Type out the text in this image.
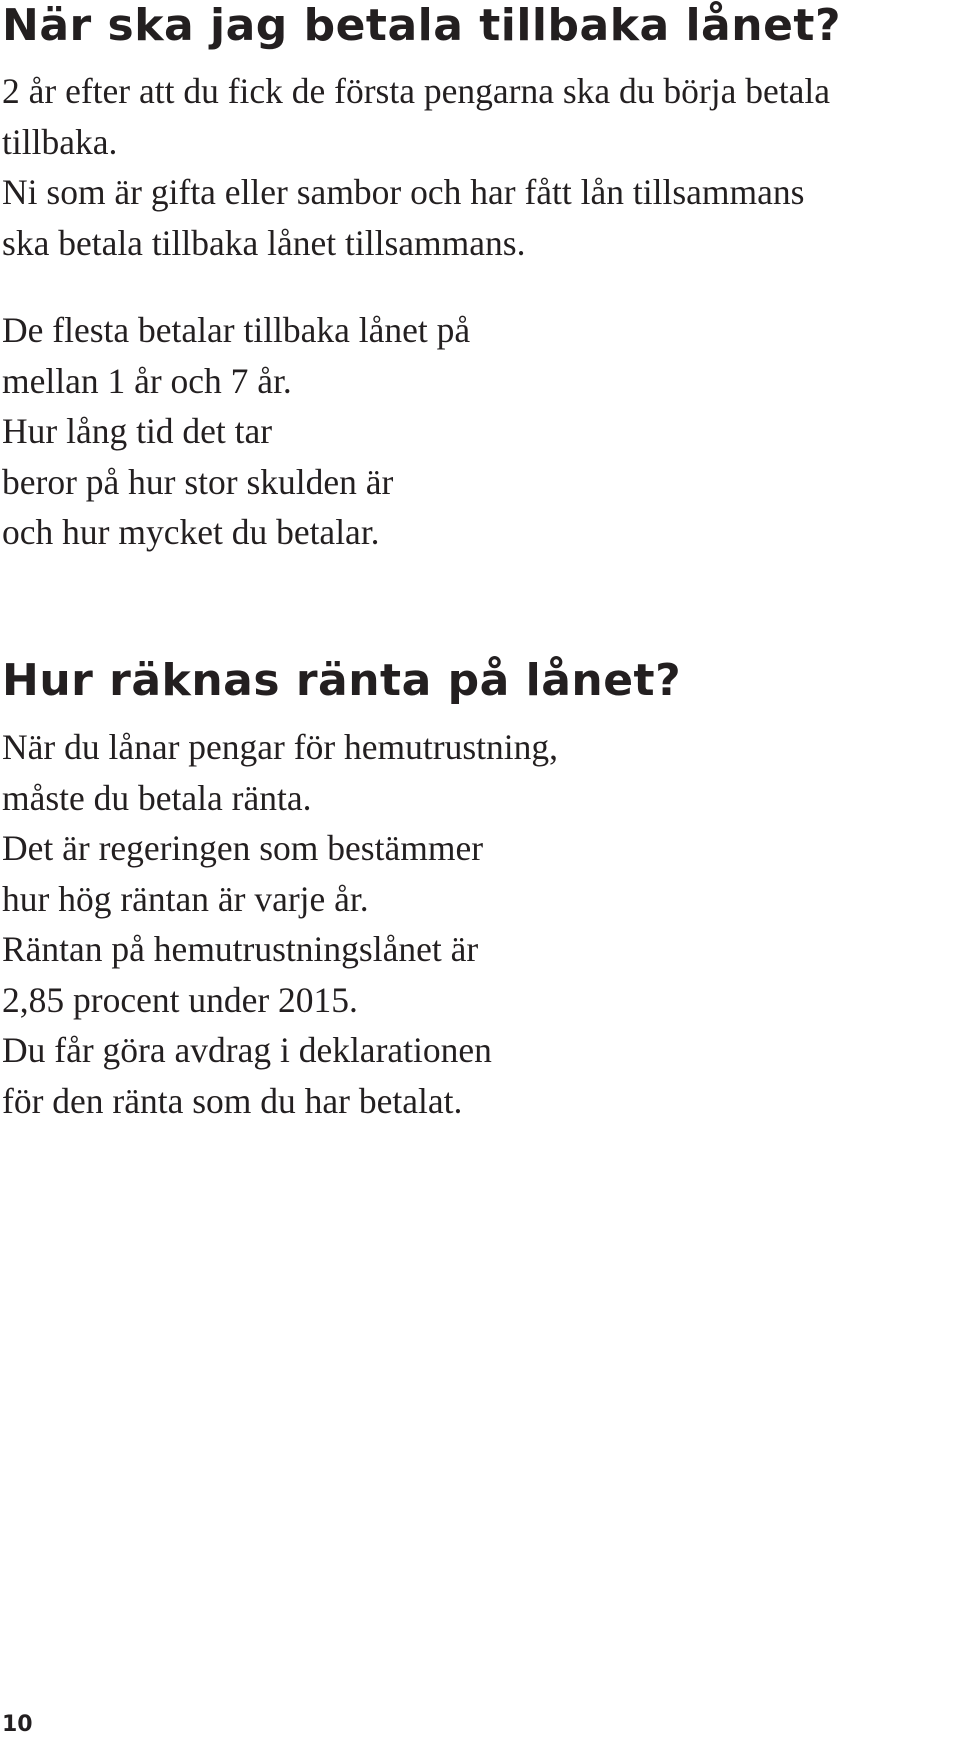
När ska jag betala tillbaka lånet?

2 år efter att du fick de första pengarna ska du börja betala
tillbaka.
Ni som är gifta eller sambor och har fått lån tillsammans
ska betala tillbaka lånet tillsammans.

De flesta betalar tillbaka lånet på
mellan 1 år och 7 år.
Hur lång tid det tar
beror på hur stor skulden är
och hur mycket du betalar.

Hur räknas ränta på lånet?

När du lånar pengar för hemutrustning,
måste du betala ränta.
Det är regeringen som bestämmer
hur hög räntan är varje år.
Räntan på hemutrustningslånet är
2,85 procent under 2015.
Du får göra avdrag i deklarationen
för den ränta som du har betalat.

10
